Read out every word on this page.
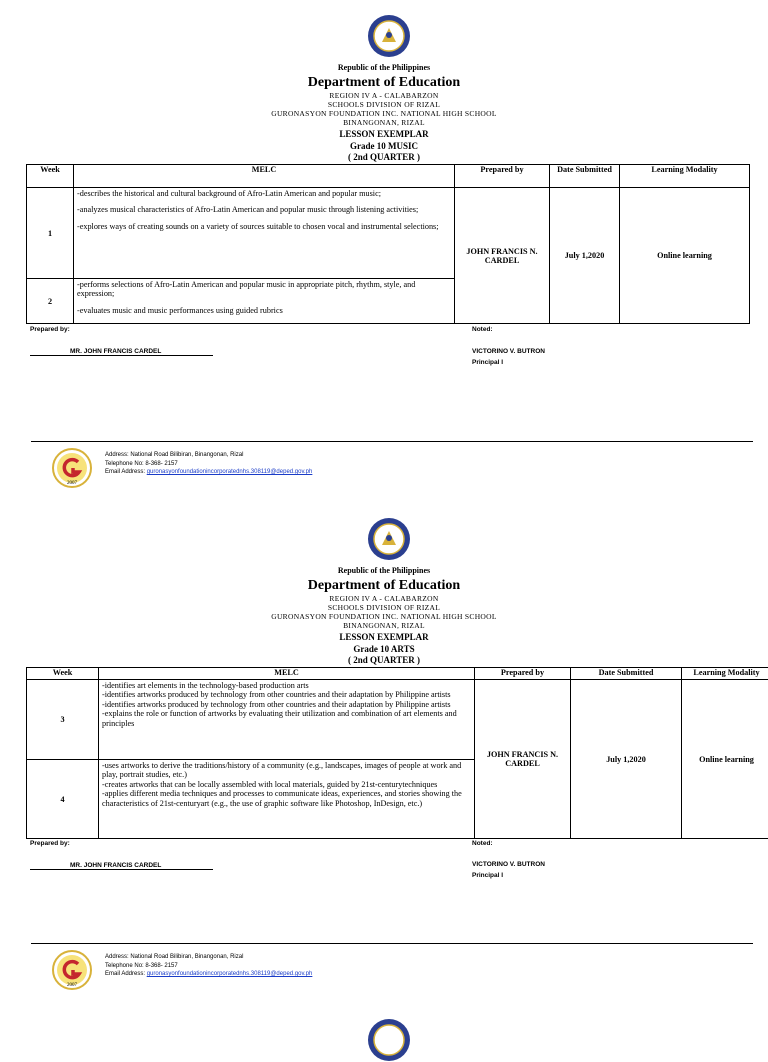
Republic of the Philippines
Department of Education
REGION IV A - CALABARZON
SCHOOLS DIVISION OF RIZAL
GURONASYON FOUNDATION INC. NATIONAL HIGH SCHOOL
BINANGONAN, RIZAL
LESSON EXEMPLAR
Grade 10 MUSIC
( 2nd QUARTER )
Week	MELC	Prepared by	Date Submitted	Learning Modality
1	-describes the historical and cultural background of Afro-Latin American and popular music;
-analyzes musical characteristics of Afro-Latin American and popular music through listening activities;
-explores ways of creating sounds on a variety of sources suitable to chosen vocal and instrumental selections;	JOHN FRANCIS N. CARDEL	July 1,2020	Online learning
2	-performs selections of Afro-Latin American and popular music in appropriate pitch, rhythm, style, and expression;
-evaluates music and music performances using guided rubrics			
Prepared by:	Noted:
MR. JOHN FRANCIS CARDEL	VICTORINO V. BUTRON
Principal I
2007
Address: National Road Bilibiran, Binangonan, Rizal
Telephone No: 8-368- 2157
Email Address: guronasyonfoundationincorporatednhs.308119@deped.gov.ph
Republic of the Philippines
Department of Education
REGION IV A - CALABARZON
SCHOOLS DIVISION OF RIZAL
GURONASYON FOUNDATION INC. NATIONAL HIGH SCHOOL
BINANGONAN, RIZAL
LESSON EXEMPLAR
Grade 10 ARTS
( 2nd QUARTER )
Week	MELC	Prepared by	Date Submitted	Learning Modality
3	-identifies art elements in the technology-based production arts
-identifies artworks produced by technology from other countries and their adaptation by Philippine artists
-identifies artworks produced by technology from other countries and their adaptation by Philippine artists
-explains the role or function of artworks by evaluating their utilization and combination of art elements and principles	JOHN FRANCIS N. CARDEL	July 1,2020	Online learning
4	-uses artworks to derive the traditions/history of a community (e.g., landscapes, images of people at work and play, portrait studies, etc.)
-creates artworks that can be locally assembled with local materials, guided by 21st-centurytechniques
-applies different media techniques and processes to communicate ideas, experiences, and stories showing the characteristics of 21st-centuryart (e.g., the use of graphic software like Photoshop, InDesign, etc.)			
Prepared by:	Noted:
MR. JOHN FRANCIS CARDEL	VICTORINO V. BUTRON
Principal I
2007
Address: National Road Bilibiran, Binangonan, Rizal
Telephone No: 8-368- 2157
Email Address: guronasyonfoundationincorporatednhs.308119@deped.gov.ph
